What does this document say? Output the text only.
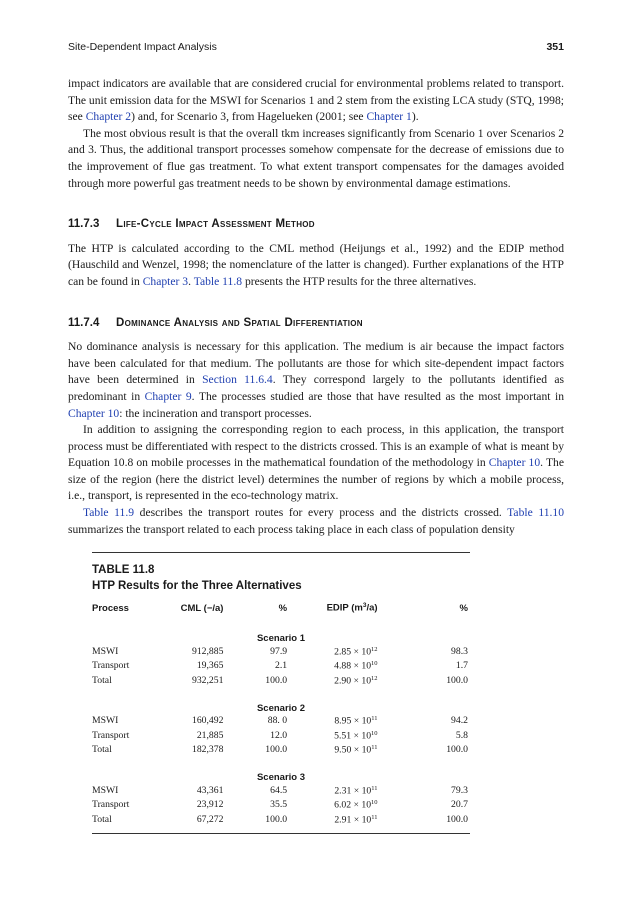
Site-Dependent Impact Analysis	351

impact indicators are available that are considered crucial for environmental problems related to transport. The unit emission data for the MSWI for Scenarios 1 and 2 stem from the existing LCA study (STQ, 1998; see Chapter 2) and, for Scenario 3, from Hagelueken (2001; see Chapter 1).

The most obvious result is that the overall tkm increases significantly from Scenario 1 over Scenarios 2 and 3. Thus, the additional transport processes somehow compensate for the decrease of emissions due to the improvement of flue gas treatment. To what extent transport compensates for the damages avoided through more powerful gas treatment needs to be shown by environmental damage estimations.

11.7.3 Life-Cycle Impact Assessment Method

The HTP is calculated according to the CML method (Heijungs et al., 1992) and the EDIP method (Hauschild and Wenzel, 1998; the nomenclature of the latter is changed). Further explanations of the HTP can be found in Chapter 3. Table 11.8 presents the HTP results for the three alternatives.

11.7.4 Dominance Analysis and Spatial Differentiation

No dominance analysis is necessary for this application. The medium is air because the impact factors have been calculated for that medium. The pollutants are those for which site-dependent impact factors have been determined in Section 11.6.4. They correspond largely to the pollutants identified as predominant in Chapter 9. The processes studied are those that have resulted as the most important in Chapter 10: the incineration and transport processes.

In addition to assigning the corresponding region to each process, in this application, the transport process must be differentiated with respect to the districts crossed. This is an example of what is meant by Equation 10.8 on mobile processes in the mathematical foundation of the methodology in Chapter 10. The size of the region (here the district level) determines the number of regions by which a mobile process, i.e., transport, is represented in the eco-technology matrix.

Table 11.9 describes the transport routes for every process and the districts crossed. Table 11.10 summarizes the transport related to each process taking place in each class of population density

TABLE 11.8
HTP Results for the Three Alternatives
Process	CML (−/a)	%	EDIP $(m^3/a)$	%
Scenario 1				
MSWI	912,885	97.9	$2.85 \times 10^{12}$	98.3
Transport	19,365	2.1	$4.88 \times 10^{10}$	1.7
Total	932,251	100.0	$2.90 \times 10^{12}$	100.0
Scenario 2				
MSWI	160,492	88. 0	$8.95 \times 10^{11}$	94.2
Transport	21,885	12.0	$5.51 \times 10^{10}$	5.8
Total	182,378	100.0	$9.50 \times 10^{11}$	100.0
Scenario 3				
MSWI	43,361	64.5	$2.31 \times 10^{11}$	79.3
Transport	23,912	35.5	$6.02 \times 10^{10}$	20.7
Total	67,272	100.0	$2.91 \times 10^{11}$	100.0
